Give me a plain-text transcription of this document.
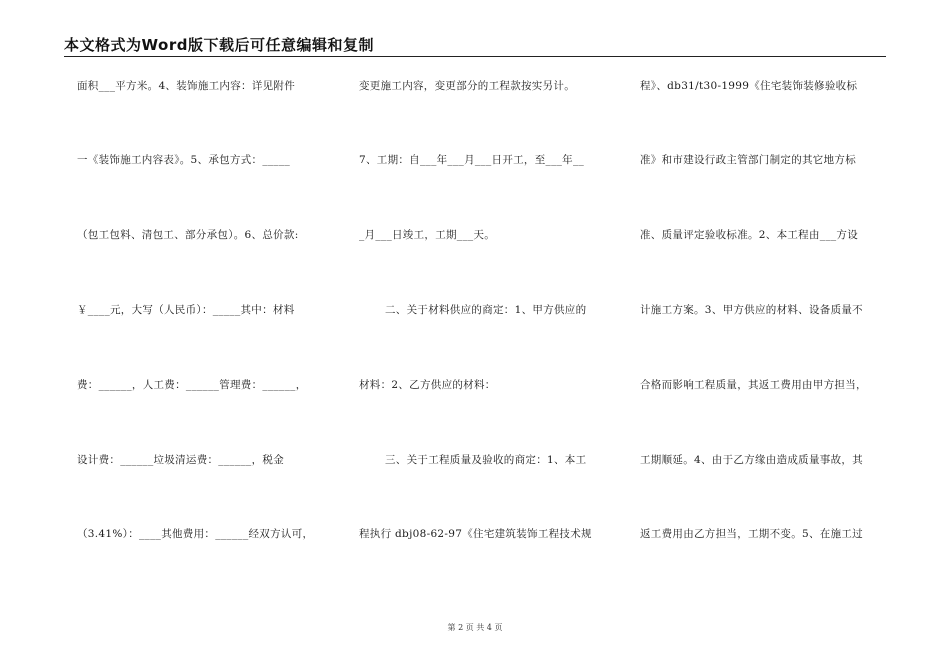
本文格式为Word版下载后可任意编辑和复制
面积___平方米。4、装饰施工内容：详见附件
一《装饰施工内容表》。5、承包方式：_____
（包工包料、清包工、部分承包）。6、总价款:
￥____元，大写（人民币）：_____其中：材料
费：______，人工费：______管理费：______，
设计费：______垃圾清运费：______，税金
（3.41%）：____其他费用：______经双方认可，
变更施工内容，变更部分的工程款按实另计。
7、工期：自___年___月___日开工，至___年__
_月___日竣工，工期___天。
二、关于材料供应的商定：1、甲方供应的
材料：2、乙方供应的材料：
三、关于工程质量及验收的商定：1、本工
程执行 dbj08-62-97《住宅建筑装饰工程技术规
程》、db31/t30-1999《住宅装饰装修验收标
准》和市建设行政主管部门制定的其它地方标
准、质量评定验收标准。2、本工程由___方设
计施工方案。3、甲方供应的材料、设备质量不
合格而影响工程质量，其返工费用由甲方担当，
工期顺延。4、由于乙方缘由造成质量事故，其
返工费用由乙方担当，工期不变。5、在施工过
第 2 页 共 4 页
